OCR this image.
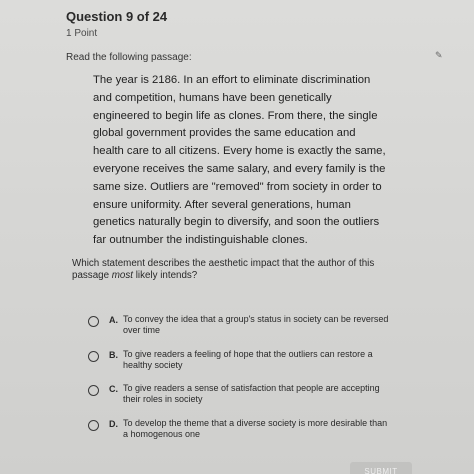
Question 9 of 24
1 Point
Read the following passage:	✎
The year is 2186. In an effort to eliminate discrimination
and competition, humans have been genetically
engineered to begin life as clones. From there, the single
global government provides the same education and
health care to all citizens. Every home is exactly the same,
everyone receives the same salary, and every family is the
same size. Outliers are "removed" from society in order to
ensure uniformity. After several generations, human
genetics naturally begin to diversify, and soon the outliers
far outnumber the indistinguishable clones.
Which statement describes the aesthetic impact that the author of this
passage most likely intends?
A. To convey the idea that a group's status in society can be reversed
over time
B. To give readers a feeling of hope that the outliers can restore a
healthy society
C. To give readers a sense of satisfaction that people are accepting
their roles in society
D. To develop the theme that a diverse society is more desirable than
a homogenous one
SUBMIT
